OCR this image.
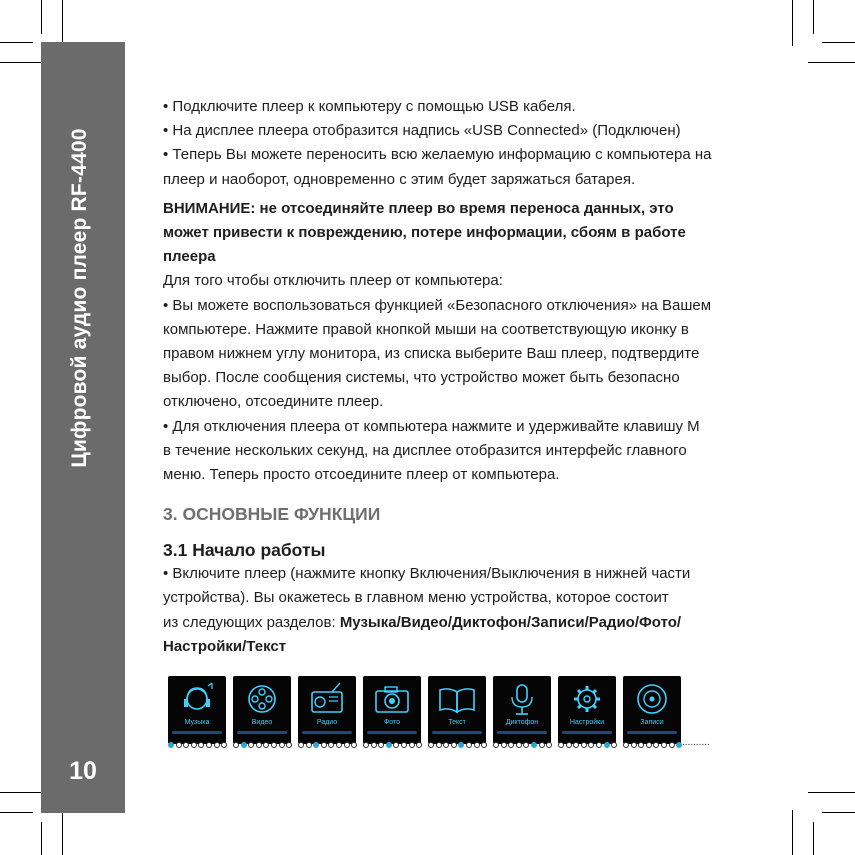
Цифровой аудио плеер RF-4400
10

• Подключите плеер к компьютеру с помощью USB кабеля.

• На дисплее плеера отобразится надпись «USB Connected» (Подключен)

• Теперь Вы можете переносить всю желаемую информацию с компьютера на

плеер и наоборот, одновременно с этим будет заряжаться батарея.

ВНИМАНИЕ: не отсоединяйте плеер во время переноса данных, это

может привести к повреждению, потере информации, сбоям в работе

плеера

Для того чтобы отключить плеер от компьютера:

• Вы можете воспользоваться функцией «Безопасного отключения» на Вашем

компьютере. Нажмите правой кнопкой мыши на соответствующую иконку в

правом нижнем углу монитора, из списка выберите Ваш плеер, подтвердите

выбор. После сообщения системы, что устройство может быть безопасно

отключено, отсоедините плеер.

• Для отключения плеера от компьютера нажмите и удерживайте клавишу M

в течение нескольких секунд, на дисплее отобразится интерфейс главного

меню. Теперь просто отсоедините плеер от компьютера.

3. ОСНОВНЫЕ ФУНКЦИИ

3.1 Начало работы

• Включите плеер (нажмите кнопку Включения/Выключения в нижней части

устройства). Вы окажетесь в главном меню устройства, которое состоит

из следующих разделов: Музыка/Видео/Диктофон/Записи/Радио/Фото/

Настройки/Текст

Музыка	Видео	Радио	Фото	Текст	Диктофон	Настройки	Записи
..........
